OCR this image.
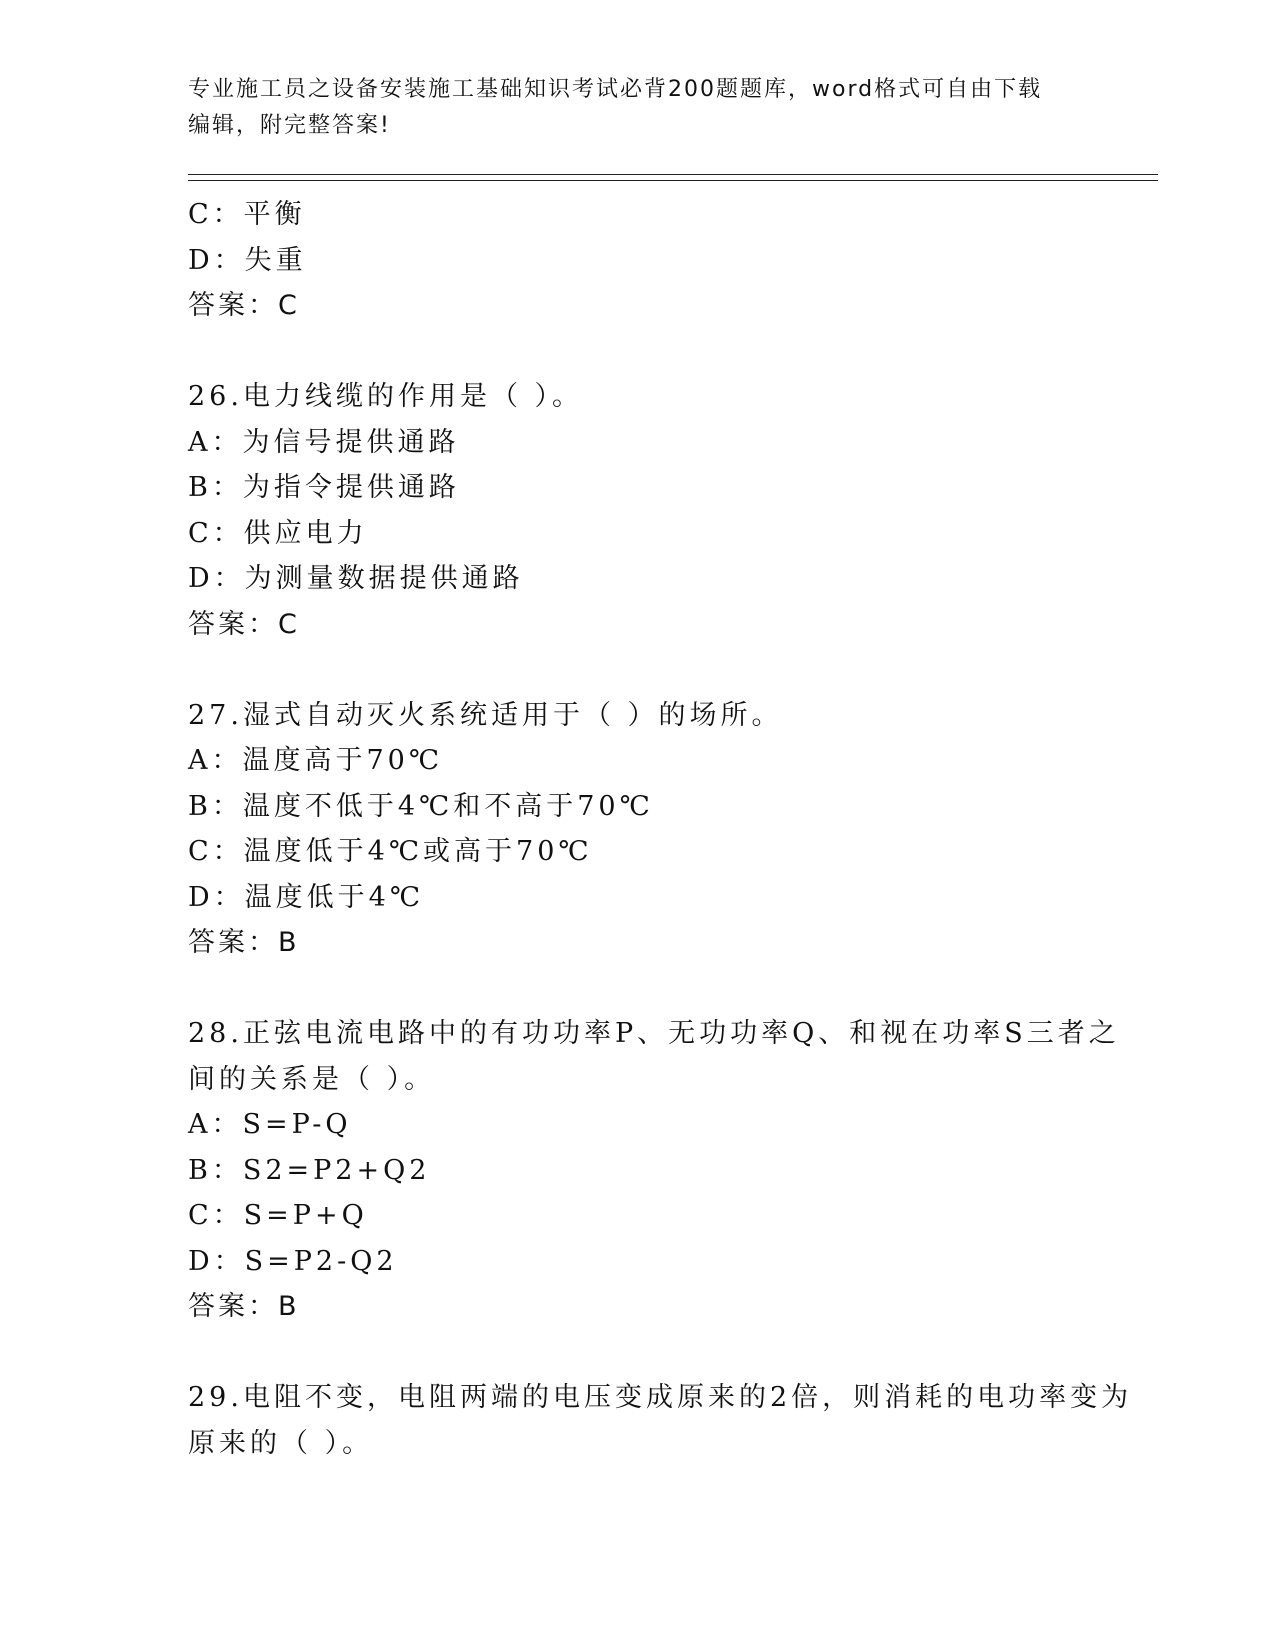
专业施工员之设备安装施工基础知识考试必背200题题库，word格式可自由下载
编辑，附完整答案!
C：平衡
D：失重
答案：C
26.电力线缆的作用是（ ）。
A：为信号提供通路
B：为指令提供通路
C：供应电力
D：为测量数据提供通路
答案：C
27.湿式自动灭火系统适用于（ ）的场所。
A：温度高于70℃
B：温度不低于4℃和不高于70℃
C：温度低于4℃或高于70℃
D：温度低于4℃
答案：B
28.正弦电流电路中的有功功率P、无功功率Q、和视在功率S三者之
间的关系是（ ）。
A：S=P-Q
B：S2=P2+Q2
C：S=P+Q
D：S=P2-Q2
答案：B
29.电阻不变，电阻两端的电压变成原来的2倍，则消耗的电功率变为
原来的（ ）。
